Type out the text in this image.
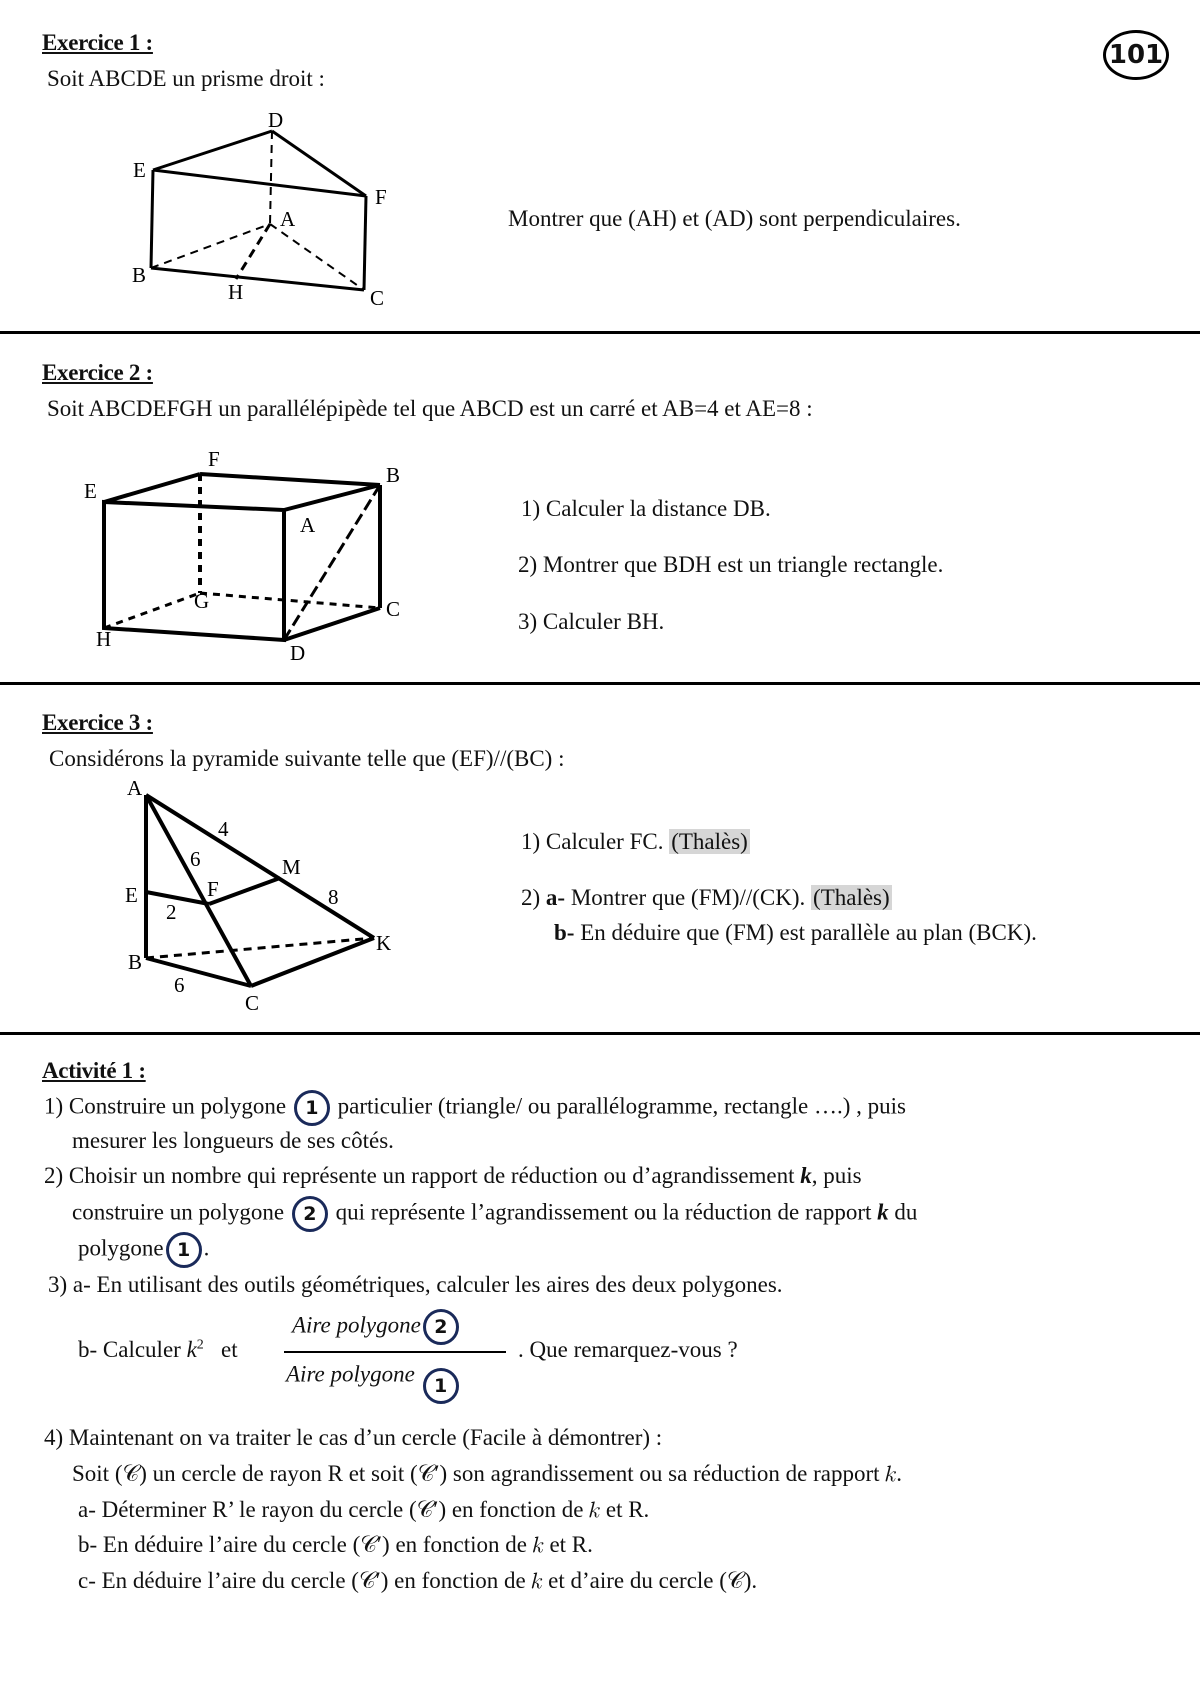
101
Exercice 1 :
Soit ABCDE un prisme droit :
D
E
F
A
B
H	C
Montrer que (AH) et (AD) sont perpendiculaires.
Exercice 2 :
Soit ABCDEFGH un parallélépipède tel que ABCD est un carré et AB=4 et AE=8 :
F
B
E
A
G	C
H
D
1) Calculer la distance DB.
2) Montrer que BDH est un triangle rectangle.
3) Calculer BH.
Exercice 3 :
Considérons la pyramide suivante telle que (EF)//(BC) :
A
4
6	M
F
E	8
2
K
B
6
C
1) Calculer FC. (Thalès)
2) a- Montrer que (FM)//(CK). (Thalès)
b- En déduire que (FM) est parallèle au plan (BCK).
Activité 1 :
1) Construire un polygone 1 particulier (triangle/ ou parallélogramme, rectangle ….) , puis
mesurer les longueurs de ses côtés.
2) Choisir un nombre qui représente un rapport de réduction ou d’agrandissement k, puis
construire un polygone 2 qui représente l’agrandissement ou la réduction de rapport k du
polygone 1 .
3) a- En utilisant des outils géométriques, calculer les aires des deux polygones.
b- Calculer $k^2$ et
Aire polygone 2
Aire polygone 1
. Que remarquez-vous ?
4) Maintenant on va traiter le cas d’un cercle (Facile à démontrer) :
Soit (𝒞) un cercle de rayon R et soit (𝒞′) son agrandissement ou sa réduction de rapport 𝑘.
a- Déterminer R’ le rayon du cercle (𝒞′) en fonction de 𝑘 et R.
b- En déduire l’aire du cercle (𝒞′) en fonction de 𝑘 et R.
c- En déduire l’aire du cercle (𝒞′) en fonction de 𝑘 et d’aire du cercle (𝒞).
